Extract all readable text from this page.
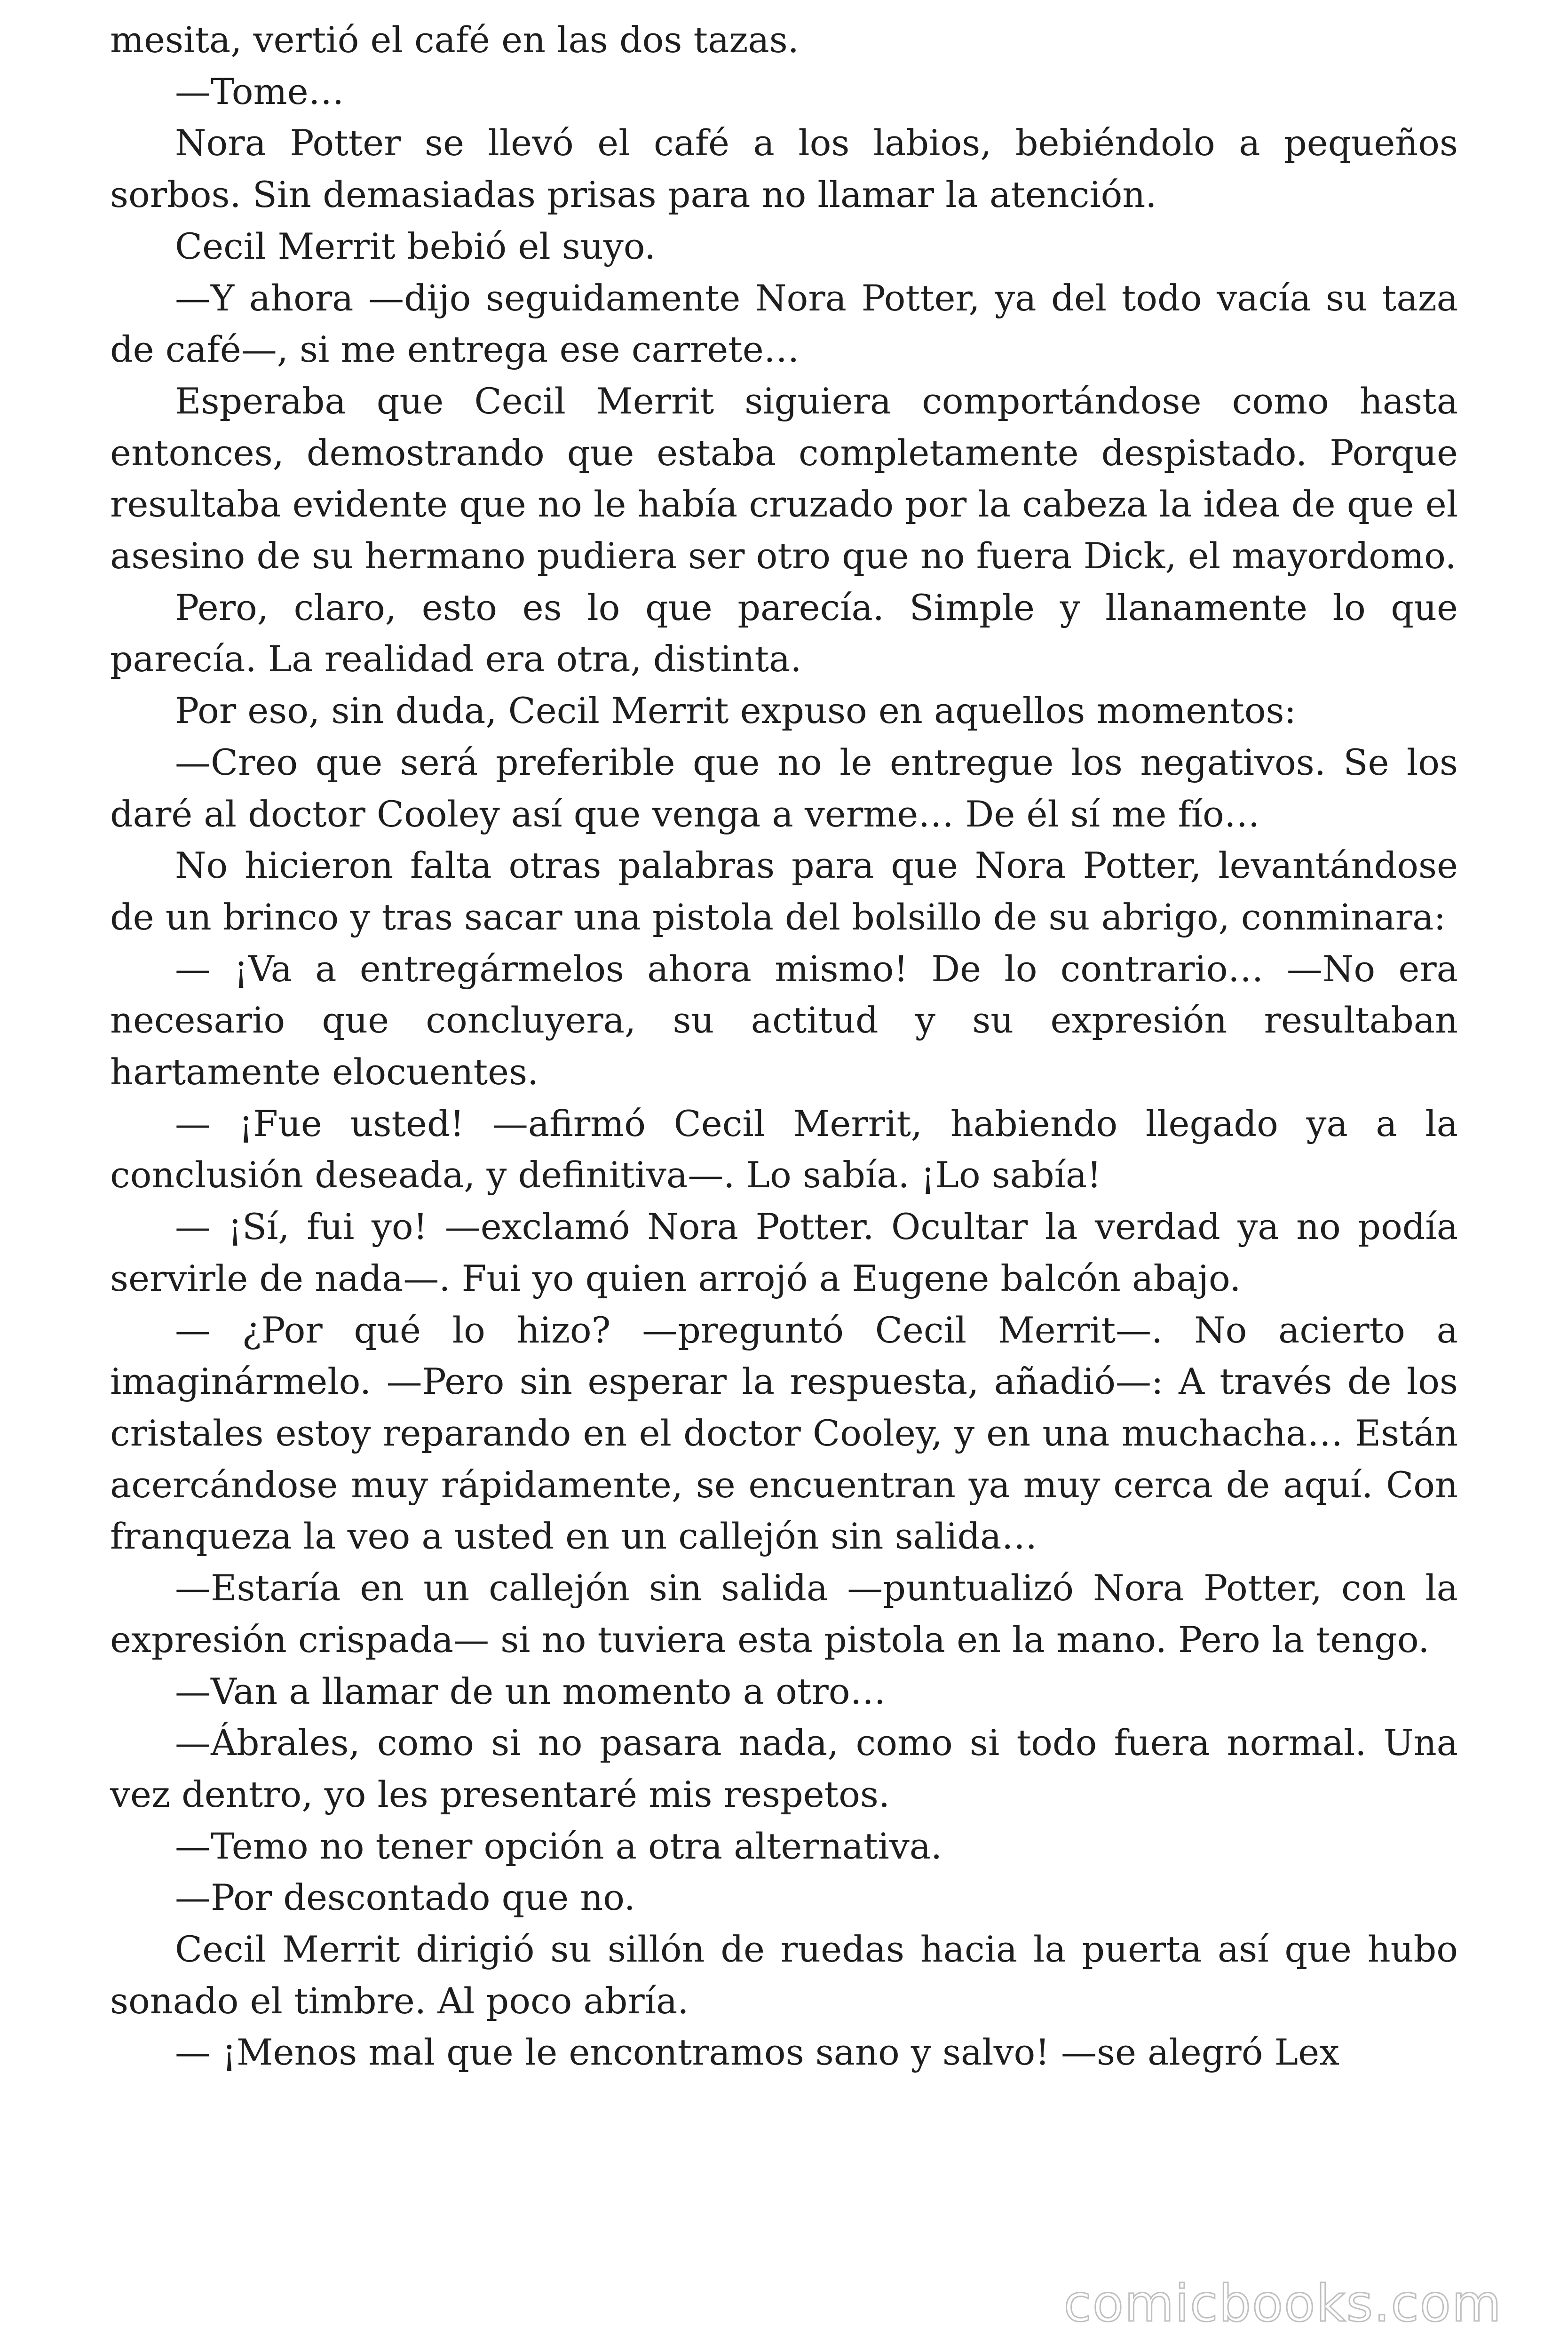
mesita, vertió el café en las dos tazas.

—Tome…

Nora Potter se llevó el café a los labios, bebiéndolo a pequeños sorbos. Sin demasiadas prisas para no llamar la atención.

Cecil Merrit bebió el suyo.

—Y ahora —dijo seguidamente Nora Potter, ya del todo vacía su taza de café—, si me entrega ese carrete…

Esperaba que Cecil Merrit siguiera comportándose como hasta entonces, demostrando que estaba completamente despistado. Porque resultaba evidente que no le había cruzado por la cabeza la idea de que el asesino de su hermano pudiera ser otro que no fuera Dick, el mayordomo.

Pero, claro, esto es lo que parecía. Simple y llanamente lo que parecía. La realidad era otra, distinta.

Por eso, sin duda, Cecil Merrit expuso en aquellos momentos:

—Creo que será preferible que no le entregue los negativos. Se los daré al doctor Cooley así que venga a verme… De él sí me fío…

No hicieron falta otras palabras para que Nora Potter, levantándose de un brinco y tras sacar una pistola del bolsillo de su abrigo, conminara:

— ¡Va a entregármelos ahora mismo! De lo contrario… —No era necesario que concluyera, su actitud y su expresión resultaban hartamente elocuentes.

— ¡Fue usted! —afirmó Cecil Merrit, habiendo llegado ya a la conclusión deseada, y definitiva—. Lo sabía. ¡Lo sabía!

— ¡Sí, fui yo! —exclamó Nora Potter. Ocultar la verdad ya no podía servirle de nada—. Fui yo quien arrojó a Eugene balcón abajo.

— ¿Por qué lo hizo? —preguntó Cecil Merrit—. No acierto a imaginármelo. —Pero sin esperar la respuesta, añadió—: A través de los cristales estoy reparando en el doctor Cooley, y en una muchacha… Están acercándose muy rápidamente, se encuentran ya muy cerca de aquí. Con franqueza la veo a usted en un callejón sin salida…

—Estaría en un callejón sin salida —puntualizó Nora Potter, con la expresión crispada— si no tuviera esta pistola en la mano. Pero la tengo.

—Van a llamar de un momento a otro…

—Ábrales, como si no pasara nada, como si todo fuera normal. Una vez dentro, yo les presentaré mis respetos.

—Temo no tener opción a otra alternativa.

—Por descontado que no.

Cecil Merrit dirigió su sillón de ruedas hacia la puerta así que hubo sonado el timbre. Al poco abría.

— ¡Menos mal que le encontramos sano y salvo! —se alegró Lex

comicbooks.com
